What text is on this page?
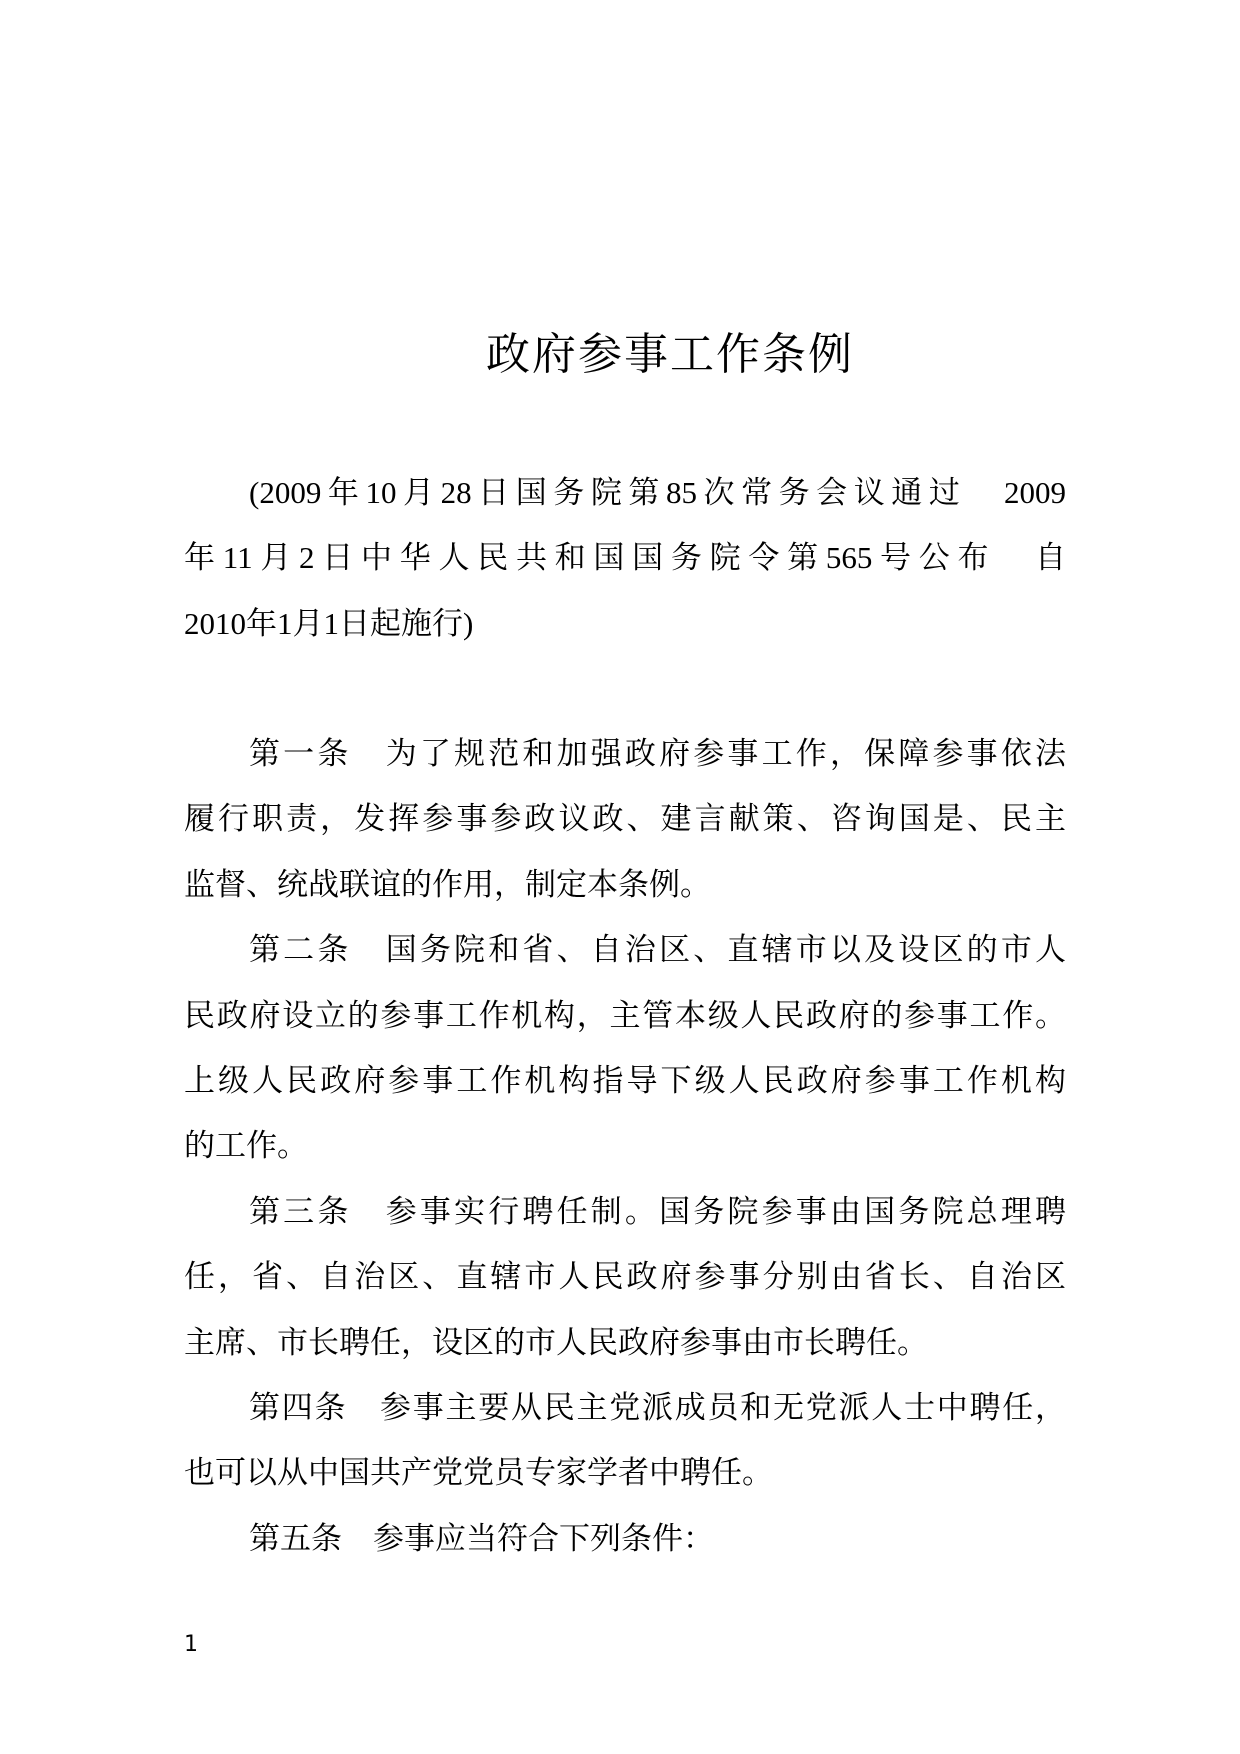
政府参事工作条例
(2009年10月28日国务院第85次常务会议通过　2009
年11月2日中华人民共和国国务院令第565号公布　自
2010年1月1日起施行)
第一条　为了规范和加强政府参事工作，保障参事依法
履行职责，发挥参事参政议政、建言献策、咨询国是、民主
监督、统战联谊的作用，制定本条例。
第二条　国务院和省、自治区、直辖市以及设区的市人
民政府设立的参事工作机构，主管本级人民政府的参事工作。
上级人民政府参事工作机构指导下级人民政府参事工作机构
的工作。
第三条　参事实行聘任制。国务院参事由国务院总理聘
任，省、自治区、直辖市人民政府参事分别由省长、自治区
主席、市长聘任，设区的市人民政府参事由市长聘任。
第四条　参事主要从民主党派成员和无党派人士中聘任，
也可以从中国共产党党员专家学者中聘任。
第五条　参事应当符合下列条件：
1
